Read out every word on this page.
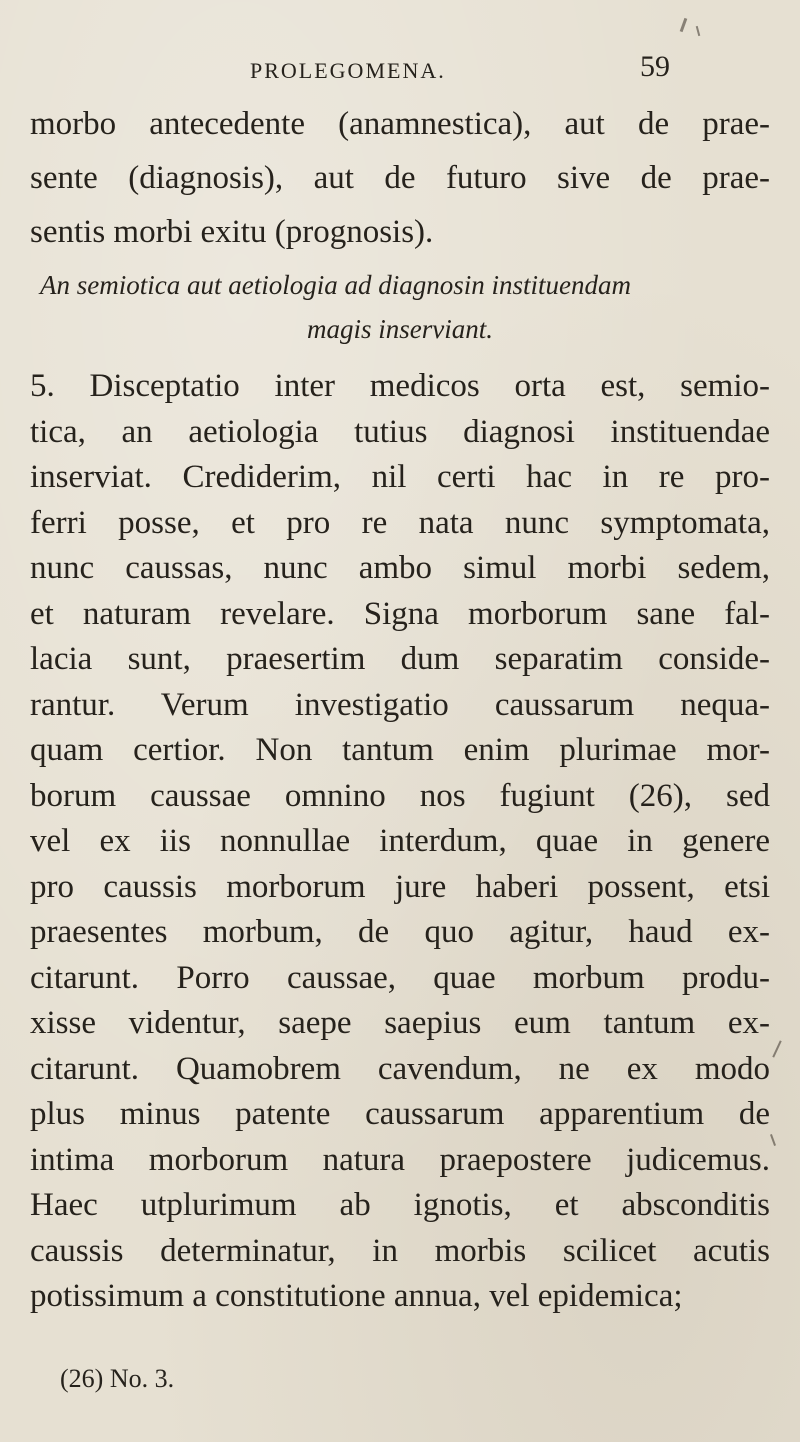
PROLEGOMENA.	59
morbo antecedente (anamnestica), aut de prae-
sente (diagnosis), aut de futuro sive de prae-
sentis morbi exitu (prognosis).
An semiotica aut aetiologia ad diagnosin instituendam
magis inserviant.
5. Disceptatio inter medicos orta est, semio-
tica, an aetiologia tutius diagnosi instituendae
inserviat. Crediderim, nil certi hac in re pro-
ferri posse, et pro re nata nunc symptomata,
nunc caussas, nunc ambo simul morbi sedem,
et naturam revelare. Signa morborum sane fal-
lacia sunt, praesertim dum separatim conside-
rantur. Verum investigatio caussarum nequa-
quam certior. Non tantum enim plurimae mor-
borum caussae omnino nos fugiunt (26), sed
vel ex iis nonnullae interdum, quae in genere
pro caussis morborum jure haberi possent, etsi
praesentes morbum, de quo agitur, haud ex-
citarunt. Porro caussae, quae morbum produ-
xisse videntur, saepe saepius eum tantum ex-
citarunt. Quamobrem cavendum, ne ex modo
plus minus patente caussarum apparentium de
intima morborum natura praepostere judicemus.
(26) No. 3.
Haec utplurimum ab ignotis, et absconditis
caussis determinatur, in morbis scilicet acutis
potissimum a constitutione annua, vel epidemica;
